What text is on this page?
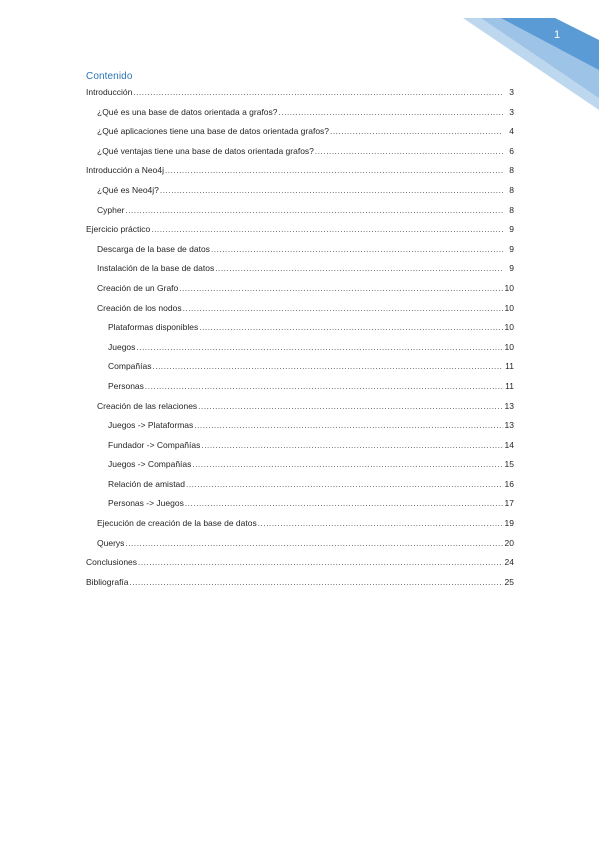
1
Contenido
Introducción .....	3
¿Qué es una base de datos orientada a grafos? .....	3
¿Qué aplicaciones tiene una base de datos orientada grafos? .....	4
¿Qué ventajas tiene una base de datos orientada grafos? .....	6
Introducción a Neo4j .....	8
¿Qué es Neo4j? .....	8
Cypher .....	8
Ejercicio práctico .....	9
Descarga de la base de datos .....	9
Instalación de la base de datos .....	9
Creación de un Grafo .....	10
Creación de los nodos .....	10
Plataformas disponibles .....	10
Juegos .....	10
Compañías .....	11
Personas .....	11
Creación de las relaciones .....	13
Juegos -> Plataformas .....	13
Fundador -> Compañías .....	14
Juegos -> Compañías .....	15
Relación de amistad .....	16
Personas -> Juegos .....	17
Ejecución de creación de la base de datos .....	19
Querys .....	20
Conclusiones .....	24
Bibliografía .....	25
